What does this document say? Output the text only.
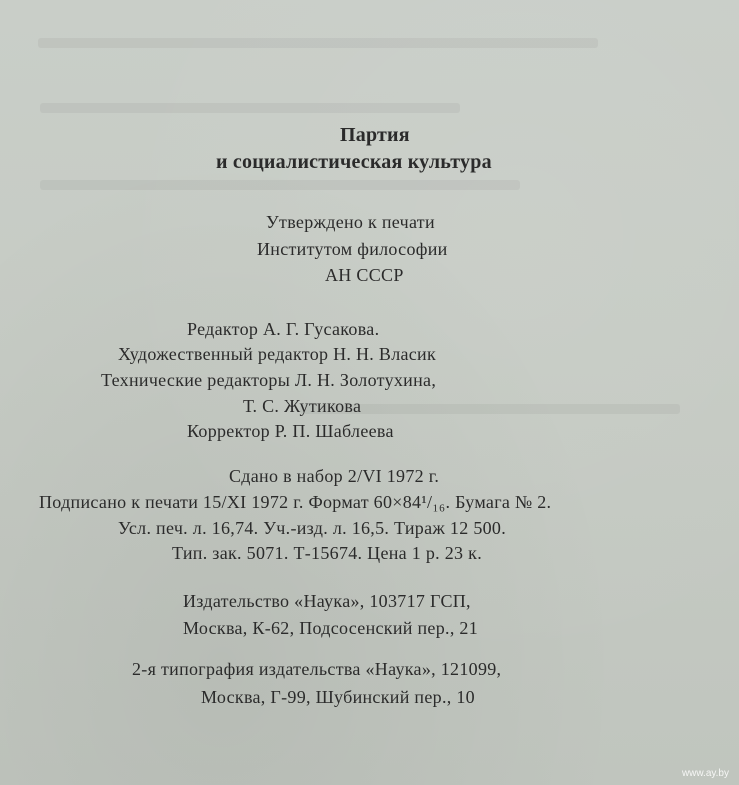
Партия
и социалистическая культура
Утверждено к печати
Институтом философии
АН СССР
Редактор А. Г. Гусакова.
Художественный редактор Н. Н. Власик
Технические редакторы Л. Н. Золотухина,
Т. С. Жутикова
Корректор Р. П. Шаблеева
Сдано в набор 2/VI 1972 г.
Подписано к печати 15/XI 1972 г. Формат 60×84¹/₁₆. Бумага № 2.
Усл. печ. л. 16,74. Уч.-изд. л. 16,5. Тираж 12 500.
Тип. зак. 5071. Т-15674. Цена 1 р. 23 к.
Издательство «Наука», 103717 ГСП,
Москва, К-62, Подсосенский пер., 21
2-я типография издательства «Наука», 121099,
Москва, Г-99, Шубинский пер., 10
www.ay.by
